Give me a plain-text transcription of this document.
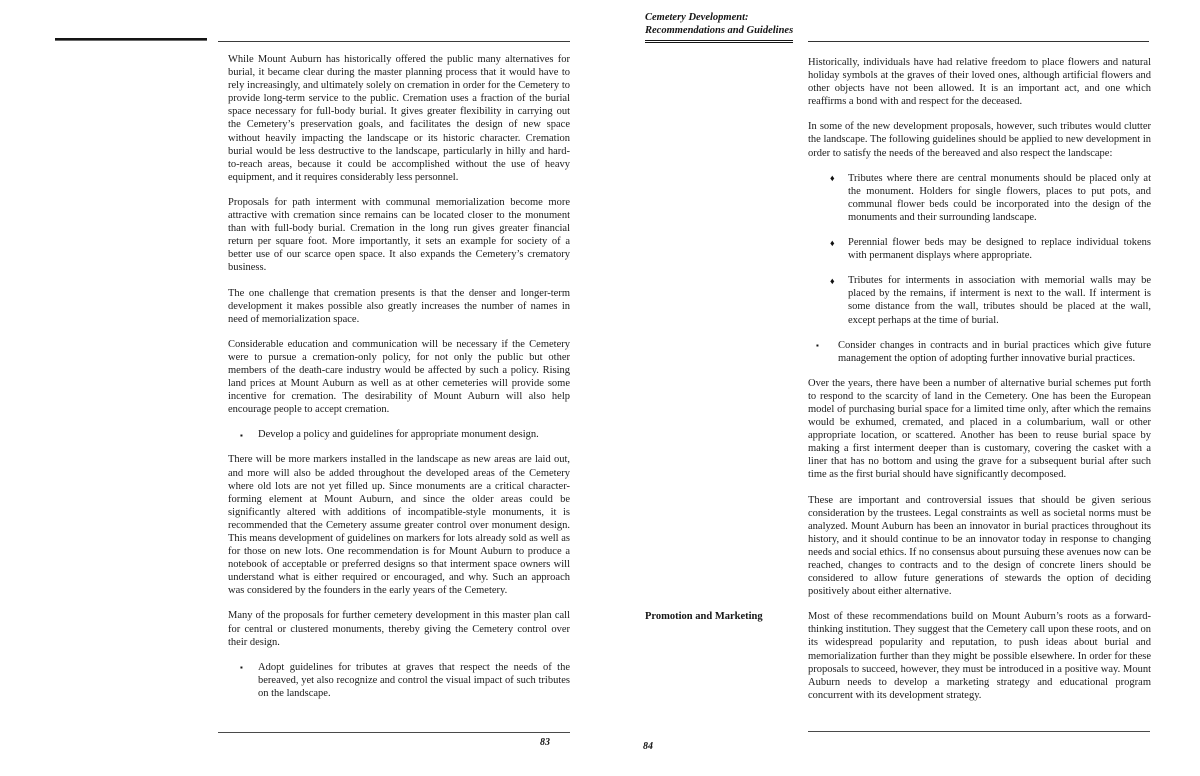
Cemetery Development:
Recommendations and Guidelines
While Mount Auburn has historically offered the public many alternatives for burial, it became clear during the master planning process that it would have to rely increasingly, and ultimately solely on cremation in order for the Cemetery to provide long-term service to the public. Cremation uses a fraction of the burial space necessary for full-body burial. It gives greater flexibility in carrying out the Cemetery’s preservation goals, and facilitates the design of new space without heavily impacting the landscape or its historic character. Cremation burial would be less destructive to the landscape, particularly in hilly and hard-to-reach areas, because it could be accomplished without the use of heavy equipment, and it requires considerably less personnel.
Proposals for path interment with communal memorialization become more attractive with cremation since remains can be located closer to the monument than with full-body burial. Cremation in the long run gives greater financial return per square foot. More importantly, it sets an example for society of a better use of our scarce open space. It also expands the Cemetery’s crematory business.
The one challenge that cremation presents is that the denser and longer-term development it makes possible also greatly increases the number of names in need of memorialization space.
Considerable education and communication will be necessary if the Cemetery were to pursue a cremation-only policy, for not only the public but other members of the death-care industry would be affected by such a policy. Rising land prices at Mount Auburn as well as at other cemeteries will provide some incentive for cremation. The desirability of Mount Auburn will also help encourage people to accept cremation.
▪ Develop a policy and guidelines for appropriate monument design.
There will be more markers installed in the landscape as new areas are laid out, and more will also be added throughout the developed areas of the Cemetery where old lots are not yet filled up. Since monuments are a critical character-forming element at Mount Auburn, and since the older areas could be significantly altered with additions of incompatible-style monuments, it is recommended that the Cemetery assume greater control over monument design. This means development of guidelines on markers for lots already sold as well as for those on new lots. One recommendation is for Mount Auburn to produce a notebook of acceptable or preferred designs so that interment space owners will understand what is either required or encouraged, and why. Such an approach was considered by the founders in the early years of the Cemetery.
Many of the proposals for further cemetery development in this master plan call for central or clustered monuments, thereby giving the Cemetery control over their design.
▪ Adopt guidelines for tributes at graves that respect the needs of the bereaved, yet also recognize and control the visual impact of such tributes on the landscape.
Historically, individuals have had relative freedom to place flowers and natural holiday symbols at the graves of their loved ones, although artificial flowers and other objects have not been allowed. It is an important act, and one which reaffirms a bond with and respect for the deceased.
In some of the new development proposals, however, such tributes would clutter the landscape. The following guidelines should be applied to new development in order to satisfy the needs of the bereaved and also respect the landscape:
♦ Tributes where there are central monuments should be placed only at the monument. Holders for single flowers, places to put pots, and communal flower beds could be incorporated into the design of the monuments and their surrounding landscape.
♦ Perennial flower beds may be designed to replace individual tokens with permanent displays where appropriate.
♦ Tributes for interments in association with memorial walls may be placed by the remains, if interment is next to the wall. If interment is some distance from the wall, tributes should be placed at the wall, except perhaps at the time of burial.
▪ Consider changes in contracts and in burial practices which give future management the option of adopting further innovative burial practices.
Over the years, there have been a number of alternative burial schemes put forth to respond to the scarcity of land in the Cemetery. One has been the European model of purchasing burial space for a limited time only, after which the remains would be exhumed, cremated, and placed in a columbarium, wall or other appropriate location, or scattered. Another has been to reuse burial space by making a first interment deeper than is customary, covering the casket with a liner that has no bottom and using the grave for a subsequent burial after such time as the first burial should have significantly decomposed.
These are important and controversial issues that should be given serious consideration by the trustees. Legal constraints as well as societal norms must be analyzed. Mount Auburn has been an innovator in burial practices throughout its history, and it should continue to be an innovator today in response to changing needs and social ethics. If no consensus about pursuing these avenues now can be reached, changes to contracts and to the design of concrete liners should be considered to allow future generations of stewards the option of deciding positively about either alternative.
Promotion and Marketing	Most of these recommendations build on Mount Auburn’s roots as a forward-thinking institution. They suggest that the Cemetery call upon these roots, and on its widespread popularity and reputation, to push ideas about burial and memorialization further than they might be possible elsewhere. In order for these proposals to succeed, however, they must be introduced in a positive way. Mount Auburn needs to develop a marketing strategy and educational program concurrent with its development strategy.
83	84
